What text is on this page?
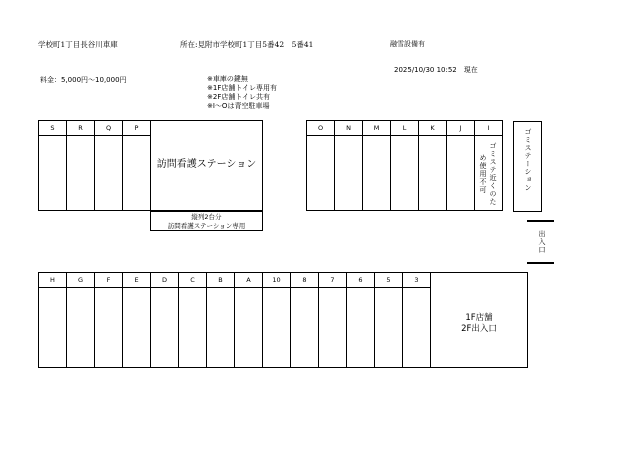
学校町1丁目長谷川車庫	所在:見附市学校町1丁目5番42　5番41	融雪設備有
2025/10/30 10:52　現在
料金：5,000円〜10,000円	※車庫の鍵無
※1F店舗トイレ専用有
※2F店舗トイレ共有
※I〜Oは青空駐車場
S	R	Q	P
訪問看護ステーション
縦列2台分
訪問看護ステーション専用
O	N	M	L	K	J	I
ゴミステ近くのため使用不可	ゴミステーション
出入口
H	G	F	E	D	C	B	A	10	8	7	6	5	3
1F店舗
2F出入口
